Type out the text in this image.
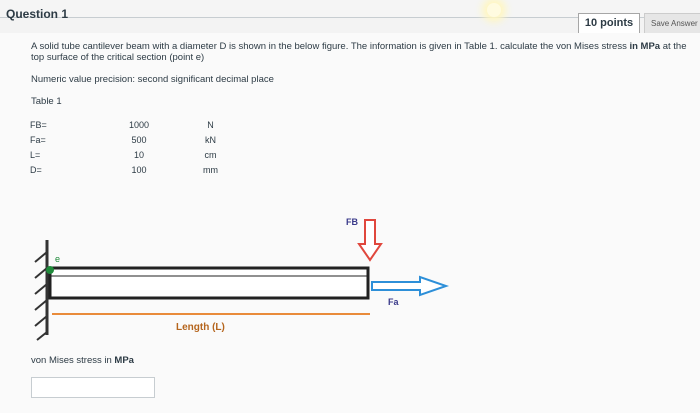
Question 1
10 points	Save Answer
A solid tube cantilever beam with a diameter D is shown in the below figure. The information is given in Table 1. calculate the von Mises stress in MPa at the top surface of the critical section (point e)
Numeric value precision: second significant decimal place
Table 1
FB=
Fa=
L=
D=
1000
500
10
100
N
kN
cm
mm
e
FB
Fa
Length (L)
von Mises stress in MPa
